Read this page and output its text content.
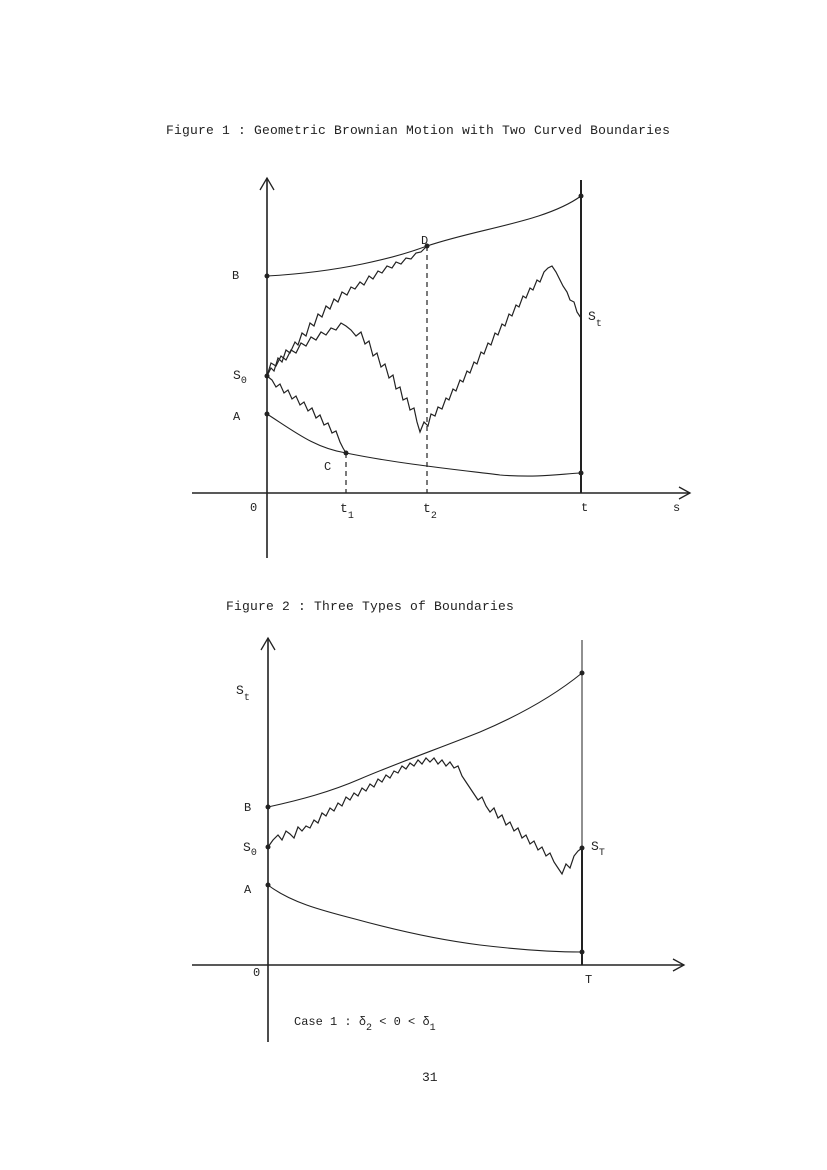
Figure 1 : Geometric Brownian Motion with Two Curved Boundaries
Figure 2 : Three Types of Boundaries
31
B
D
$S_0$
A
C
$S_t$
0	$t_1$
$t_2$
t	s
$S_t$
B
$S_0$	$S_T$
A
0	T
Case 1 : $\delta_2 < 0 < \delta_1$
